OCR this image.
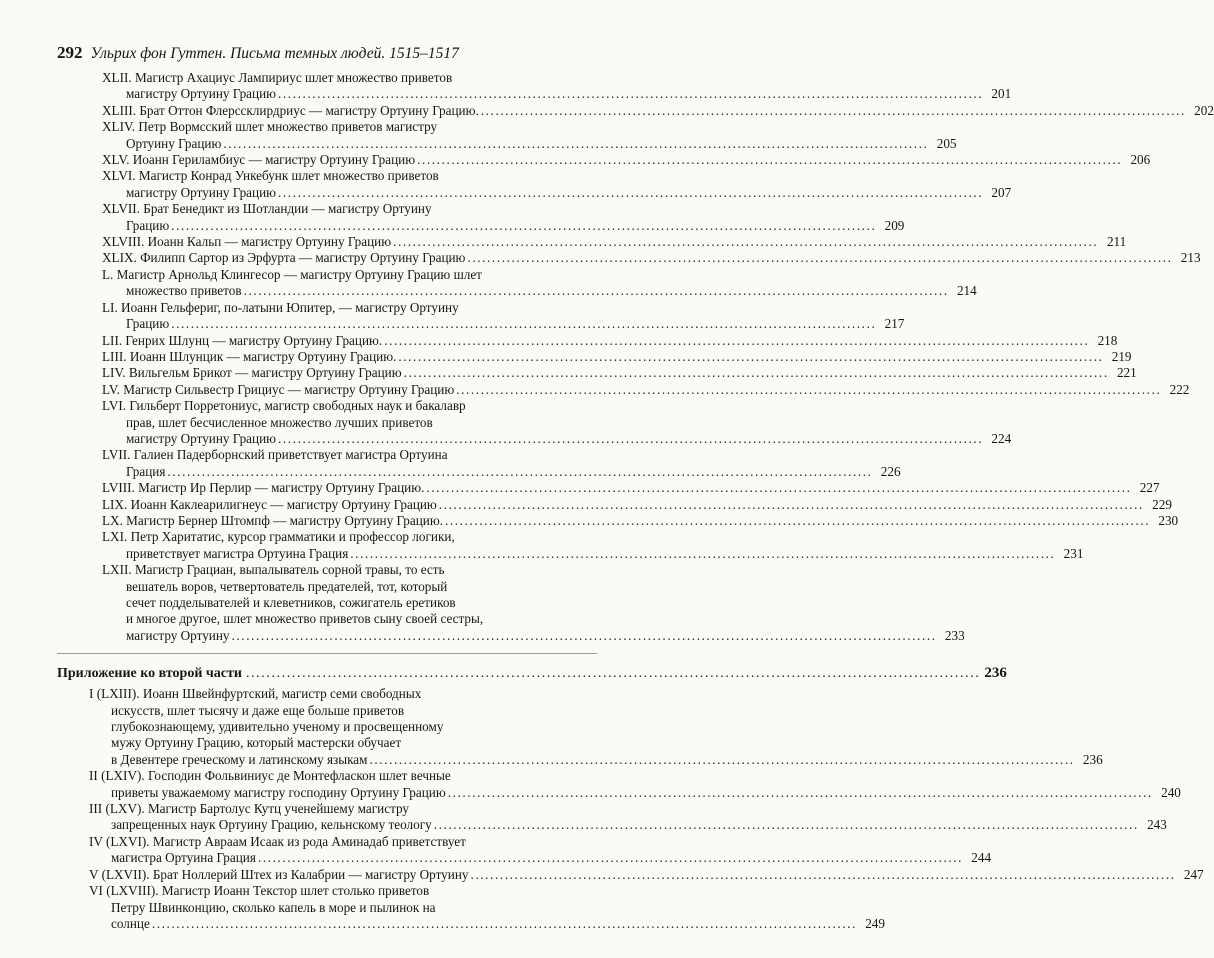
292 Ульрих фон Гуттен. Письма темных людей. 1515–1517
XLII. Магистр Ахациус Лампириус шлет множество приветов
магистру Ортуину Грацию ................................................................................................................................................ 201
XLIII. Брат Оттон Флерссклирдриус — магистру Ортуину Грацию. ................................................................................................................................................ 202
XLIV. Петр Вормсский шлет множество приветов магистру
Ортуину Грацию ................................................................................................................................................ 205
XLV. Иоанн Гериламбиус — магистру Ортуину Грацию ................................................................................................................................................ 206
XLVI. Магистр Конрад Ункебунк шлет множество приветов
магистру Ортуину Грацию ................................................................................................................................................ 207
XLVII. Брат Бенедикт из Шотландии — магистру Ортуину
Грацию ................................................................................................................................................ 209
XLVIII. Иоанн Кальп — магистру Ортуину Грацию ................................................................................................................................................ 211
XLIX. Филипп Сартор из Эрфурта — магистру Ортуину Грацию ................................................................................................................................................ 213
L. Магистр Арнольд Клингесор — магистру Ортуину Грацию шлет
множество приветов ................................................................................................................................................ 214
LI. Иоанн Гельфериг, по-латыни Юпитер, — магистру Ортуину
Грацию ................................................................................................................................................ 217
LII. Генрих Шлунц — магистру Ортуину Грацию. ................................................................................................................................................ 218
LIII. Иоанн Шлунцик — магистру Ортуину Грацию. ................................................................................................................................................ 219
LIV. Вильгельм Брикот — магистру Ортуину Грацию ................................................................................................................................................ 221
LV. Магистр Сильвестр Грициус — магистру Ортуину Грацию ................................................................................................................................................ 222
LVI. Гильберт Порретониус, магистр свободных наук и бакалавр
прав, шлет бесчисленное множество лучших приветов
магистру Ортуину Грацию ................................................................................................................................................ 224
LVII. Галиен Падерборнский приветствует магистра Ортуина
Грация ................................................................................................................................................ 226
LVIII. Магистр Ир Перлир — магистру Ортуину Грацию. ................................................................................................................................................ 227
LIX. Иоанн Каклеарилигнеус — магистру Ортуину Грацию ................................................................................................................................................ 229
LX. Магистр Бернер Штомпф — магистру Ортуину Грацию. ................................................................................................................................................ 230
LXI. Петр Харитатис, курсор грамматики и профессор логики,
приветствует магистра Ортуина Грация ................................................................................................................................................ 231
LXII. Магистр Грациан, выпалыватель сорной травы, то есть
вешатель воров, четвертователь предателей, тот, который
сечет подделывателей и клеветников, сожигатель еретиков
и многое другое, шлет множество приветов сыну своей сестры,
магистру Ортуину ................................................................................................................................................ 233
Приложение ко второй части ................................................................................................................................................ 236
I (LXIII). Иоанн Швейнфуртский, магистр семи свободных
искусств, шлет тысячу и даже еще больше приветов
глубокознающему, удивительно ученому и просвещенному
мужу Ортуину Грацию, который мастерски обучает
в Девентере греческому и латинскому языкам ................................................................................................................................................ 236
II (LXIV). Господин Фольвиниус де Монтефласкон шлет вечные
приветы уважаемому магистру господину Ортуину Грацию ................................................................................................................................................ 240
III (LXV). Магистр Бартолус Кутц ученейшему магистру
запрещенных наук Ортуину Грацию, кельнскому теологу ................................................................................................................................................ 243
IV (LXVI). Магистр Авраам Исаак из рода Аминадаб приветствует
магистра Ортуина Грация ................................................................................................................................................ 244
V (LXVII). Брат Ноллерий Штех из Калабрии — магистру Ортуину ................................................................................................................................................ 247
VI (LXVIII). Магистр Иоанн Текстор шлет столько приветов
Петру Швинконцию, сколько капель в море и пылинок на
солнце ................................................................................................................................................ 249
